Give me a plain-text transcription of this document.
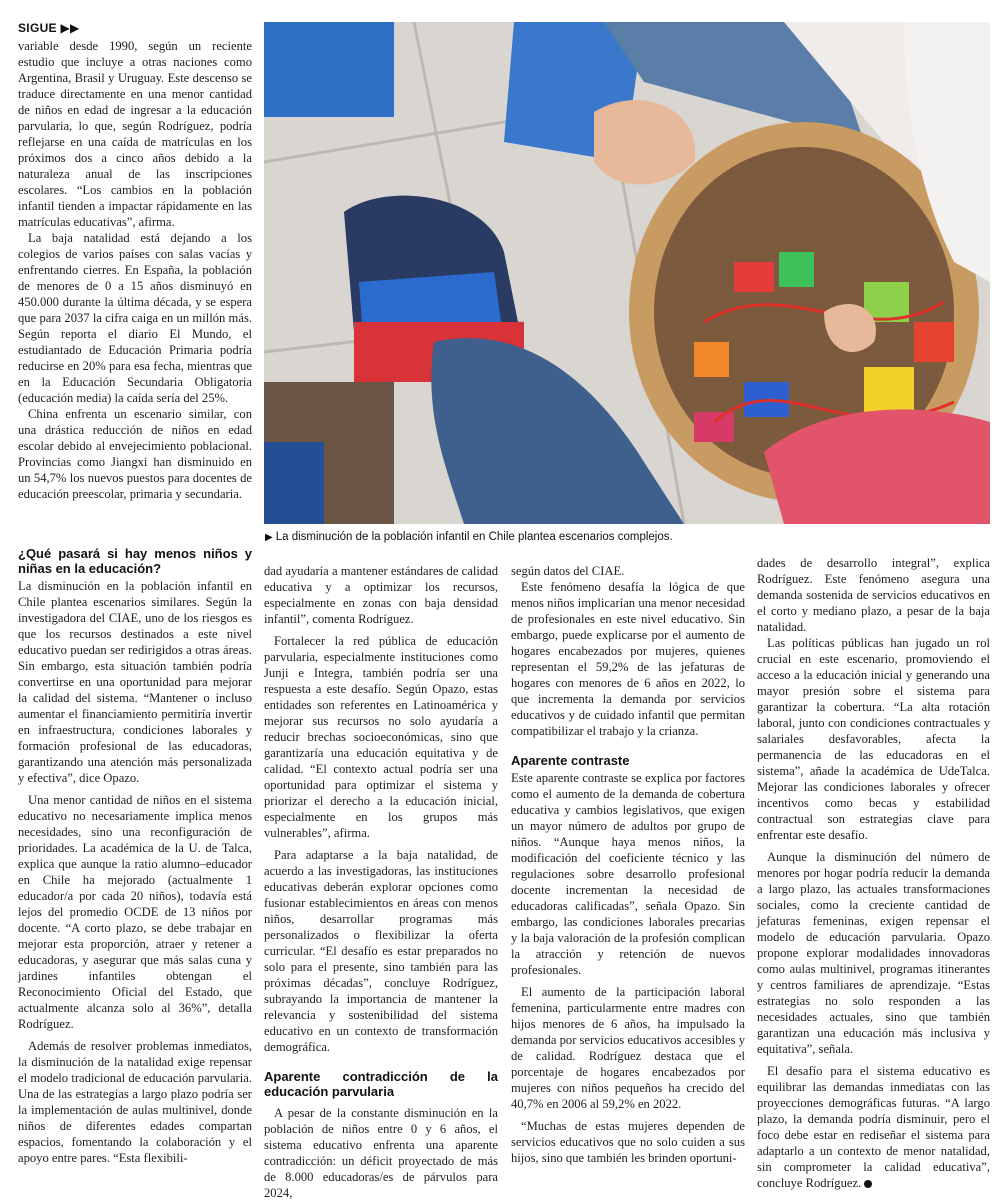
SIGUE ▶▶

variable desde 1990, según un reciente estudio que incluye a otras naciones como Argentina, Brasil y Uruguay. Este descenso se traduce directamente en una menor cantidad de niños en edad de ingresar a la educación parvularia, lo que, según Rodríguez, podría reflejarse en una caída de matrículas en los próximos dos a cinco años debido a la naturaleza anual de las inscripciones escolares. “Los cambios en la población infantil tienden a impactar rápidamente en las matrículas educativas”, afirma.

La baja natalidad está dejando a los colegios de varios países con salas vacías y enfrentando cierres. En España, la población de menores de 0 a 15 años disminuyó en 450.000 durante la última década, y se espera que para 2037 la cifra caiga en un millón más. Según reporta el diario El Mundo, el estudiantado de Educación Primaria podría reducirse en 20% para esa fecha, mientras que en la Educación Secundaria Obligatoria (educación media) la caída sería del 25%.

China enfrenta un escenario similar, con una drástica reducción de niños en edad escolar debido al envejecimiento poblacional. Provincias como Jiangxi han disminuido en un 54,7% los nuevos puestos para docentes de educación preescolar, primaria y secundaria.

▶ La disminución de la población infantil en Chile plantea escenarios complejos.
¿Qué pasará si hay menos niños y niñas en la educación?

La disminución en la población infantil en Chile plantea escenarios similares. Según la investigadora del CIAE, uno de los riesgos es que los recursos destinados a este nivel educativo puedan ser redirigidos a otras áreas. Sin embargo, esta situación también podría convertirse en una oportunidad para mejorar la calidad del sistema. “Mantener o incluso aumentar el financiamiento permitiría invertir en infraestructura, condiciones laborales y formación profesional de las educadoras, garantizando una atención más personalizada y efectiva”, dice Opazo.

Una menor cantidad de niños en el sistema educativo no necesariamente implica menos necesidades, sino una reconfiguración de prioridades. La académica de la U. de Talca, explica que aunque la ratio alumno–educador en Chile ha mejorado (actualmente 1 educador/a por cada 20 niños), todavía está lejos del promedio OCDE de 13 niños por docente. “A corto plazo, se debe trabajar en mejorar esta proporción, atraer y retener a educadoras, y asegurar que más salas cuna y jardines infantiles obtengan el Reconocimiento Oficial del Estado, que actualmente alcanza solo al 36%”, detalla Rodríguez.

Además de resolver problemas inmediatos, la disminución de la natalidad exige repensar el modelo tradicional de educación parvularia. Una de las estrategias a largo plazo podría ser la implementación de aulas multinivel, donde niños de diferentes edades compartan espacios, fomentando la colaboración y el apoyo entre pares. “Esta flexibili-

dad ayudaría a mantener estándares de calidad educativa y a optimizar los recursos, especialmente en zonas con baja densidad infantil”, comenta Rodríguez.

Fortalecer la red pública de educación parvularia, especialmente instituciones como Junji e Integra, también podría ser una respuesta a este desafío. Según Opazo, estas entidades son referentes en Latinoamérica y mejorar sus recursos no solo ayudaría a reducir brechas socioeconómicas, sino que garantizaría una educación equitativa y de calidad. “El contexto actual podría ser una oportunidad para optimizar el sistema y priorizar el derecho a la educación inicial, especialmente en los grupos más vulnerables”, afirma.

Para adaptarse a la baja natalidad, de acuerdo a las investigadoras, las instituciones educativas deberán explorar opciones como fusionar establecimientos en áreas con menos niños, desarrollar programas más personalizados o flexibilizar la oferta curricular. “El desafío es estar preparados no solo para el presente, sino también para las próximas décadas”, concluye Rodríguez, subrayando la importancia de mantener la relevancia y sostenibilidad del sistema educativo en un contexto de transformación demográfica.

Aparente contradicción de la educación parvularia

A pesar de la constante disminución en la población de niños entre 0 y 6 años, el sistema educativo enfrenta una aparente contradicción: un déficit proyectado de más de 8.000 educadoras/es de párvulos para 2024,

según datos del CIAE.

Este fenómeno desafía la lógica de que menos niños implicarían una menor necesidad de profesionales en este nivel educativo. Sin embargo, puede explicarse por el aumento de hogares encabezados por mujeres, quienes representan el 59,2% de las jefaturas de hogares con menores de 6 años en 2022, lo que incrementa la demanda por servicios educativos y de cuidado infantil que permitan compatibilizar el trabajo y la crianza.

Aparente contraste

Este aparente contraste se explica por factores como el aumento de la demanda de cobertura educativa y cambios legislativos, que exigen un mayor número de adultos por grupo de niños. “Aunque haya menos niños, la modificación del coeficiente técnico y las regulaciones sobre desarrollo profesional docente incrementan la necesidad de educadoras calificadas”, señala Opazo. Sin embargo, las condiciones laborales precarias y la baja valoración de la profesión complican la atracción y retención de nuevos profesionales.

El aumento de la participación laboral femenina, particularmente entre madres con hijos menores de 6 años, ha impulsado la demanda por servicios educativos accesibles y de calidad. Rodríguez destaca que el porcentaje de hogares encabezados por mujeres con niños pequeños ha crecido del 40,7% en 2006 al 59,2% en 2022.

“Muchas de estas mujeres dependen de servicios educativos que no solo cuiden a sus hijos, sino que también les brinden oportuni-

dades de desarrollo integral”, explica Rodríguez. Este fenómeno asegura una demanda sostenida de servicios educativos en el corto y mediano plazo, a pesar de la baja natalidad.

Las políticas públicas han jugado un rol crucial en este escenario, promoviendo el acceso a la educación inicial y generando una mayor presión sobre el sistema para garantizar la cobertura. “La alta rotación laboral, junto con condiciones contractuales y salariales desfavorables, afecta la permanencia de las educadoras en el sistema”, añade la académica de UdeTalca. Mejorar las condiciones laborales y ofrecer incentivos como becas y estabilidad contractual son estrategias clave para enfrentar este desafío.

Aunque la disminución del número de menores por hogar podría reducir la demanda a largo plazo, las actuales transformaciones sociales, como la creciente cantidad de jefaturas femeninas, exigen repensar el modelo de educación parvularia. Opazo propone explorar modalidades innovadoras como aulas multinivel, programas itinerantes y centros familiares de aprendizaje. “Estas estrategias no solo responden a las necesidades actuales, sino que también garantizan una educación más inclusiva y equitativa”, señala.

El desafío para el sistema educativo es equilibrar las demandas inmediatas con las proyecciones demográficas futuras. “A largo plazo, la demanda podría disminuir, pero el foco debe estar en rediseñar el sistema para adaptarlo a un contexto de menor natalidad, sin comprometer la calidad educativa”, concluye Rodríguez.
